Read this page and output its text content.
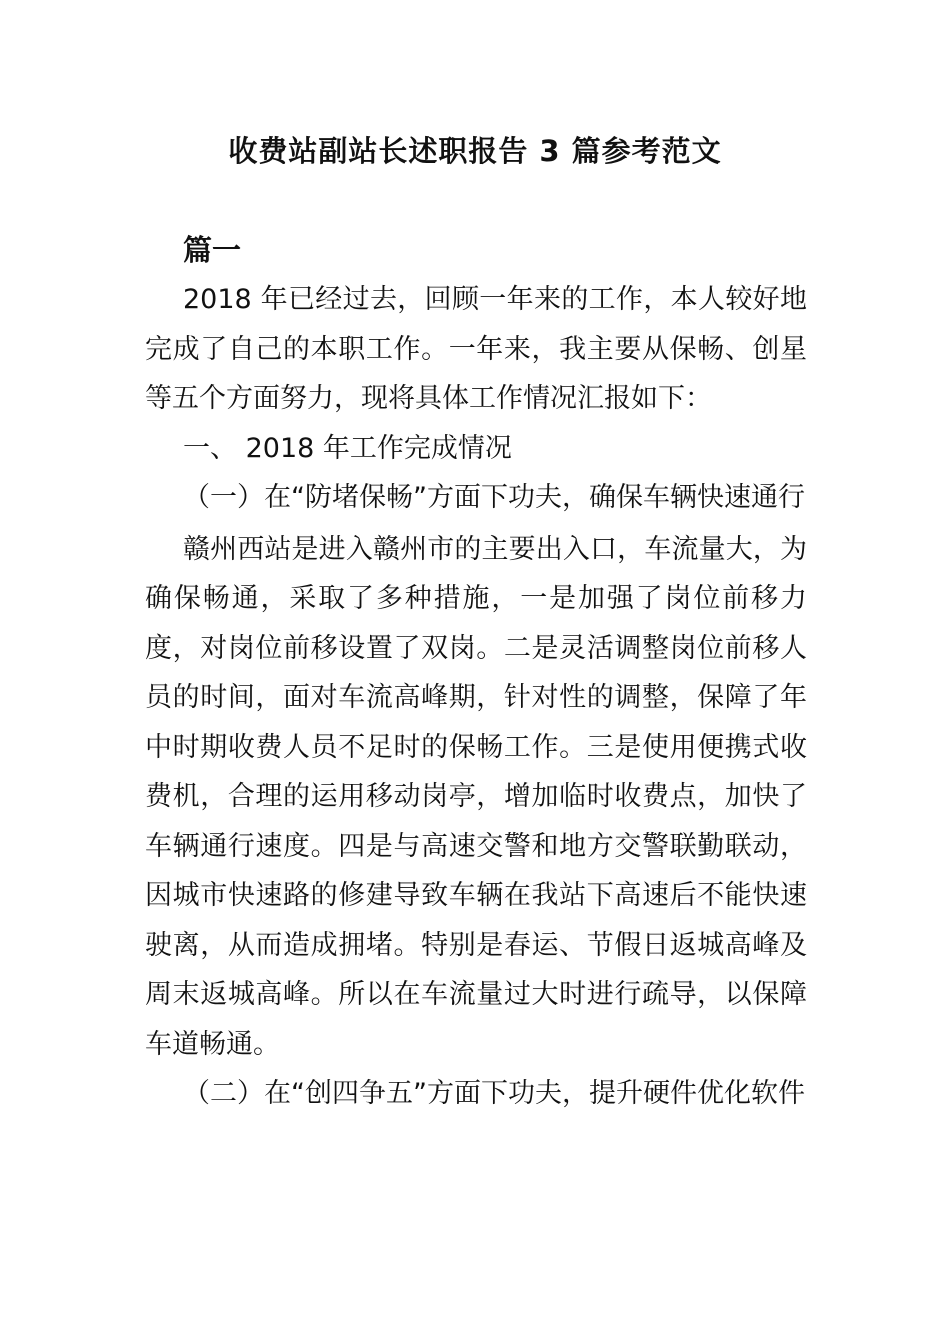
收费站副站长述职报告 3 篇参考范文

篇一

2018 年已经过去，回顾一年来的工作，本人较好地完成了自己的本职工作。一年来，我主要从保畅、创星等五个方面努力，现将具体工作情况汇报如下：

一、 2018 年工作完成情况

（一）在“防堵保畅”方面下功夫，确保车辆快速通行

赣州西站是进入赣州市的主要出入口，车流量大，为确保畅通，采取了多种措施，一是加强了岗位前移力度，对岗位前移设置了双岗。二是灵活调整岗位前移人员的时间，面对车流高峰期，针对性的调整，保障了年中时期收费人员不足时的保畅工作。三是使用便携式收费机，合理的运用移动岗亭，增加临时收费点，加快了车辆通行速度。四是与高速交警和地方交警联勤联动，因城市快速路的修建导致车辆在我站下高速后不能快速驶离，从而造成拥堵。特别是春运、节假日返城高峰及周末返城高峰。所以在车流量过大时进行疏导，以保障车道畅通。

（二）在“创四争五”方面下功夫，提升硬件优化软件
